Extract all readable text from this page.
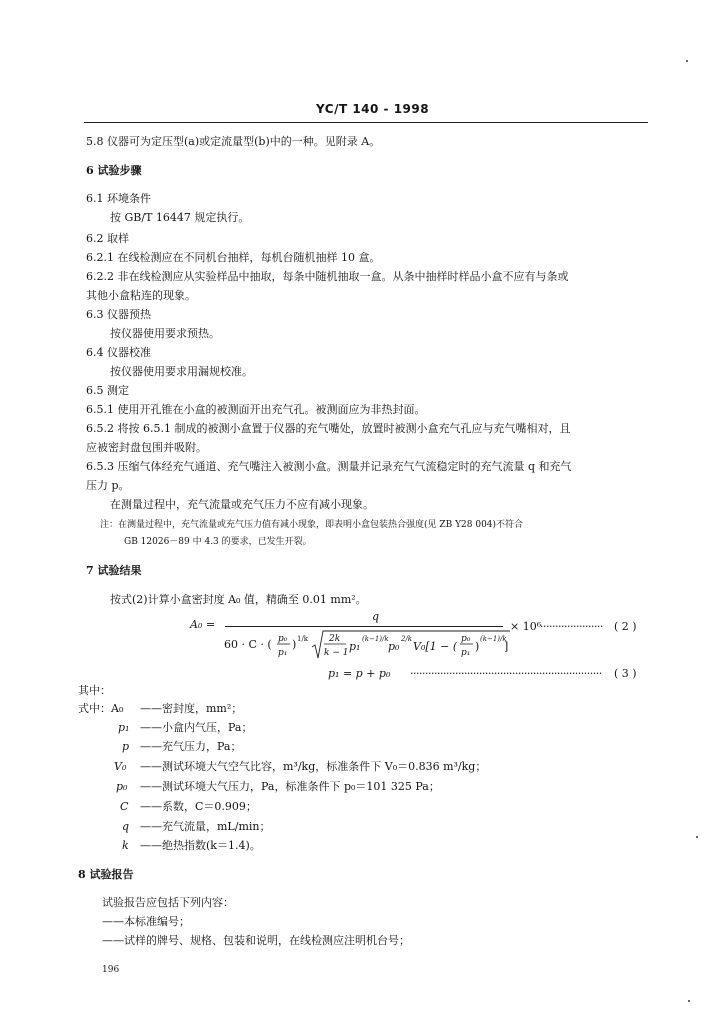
YC/T 140 - 1998
5.8 仪器可为定压型(a)或定流量型(b)中的一种。见附录 A。
6 试验步骤
6.1 环境条件
按 GB/T 16447 规定执行。
6.2 取样
6.2.1 在线检测应在不同机台抽样，每机台随机抽样 10 盒。
6.2.2 非在线检测应从实验样品中抽取，每条中随机抽取一盒。从条中抽样时样品小盒不应有与条或
其他小盒粘连的现象。
6.3 仪器预热
按仪器使用要求预热。
6.4 仪器校准
按仪器使用要求用漏规校准。
6.5 测定
6.5.1 使用开孔锥在小盒的被测面开出充气孔。被测面应为非热封面。
6.5.2 将按 6.5.1 制成的被测小盒置于仪器的充气嘴处，放置时被测小盒充气孔应与充气嘴相对，且
应被密封盘包围并吸附。
6.5.3 压缩气体经充气通道、充气嘴注入被测小盒。测量并记录充气气流稳定时的充气流量 q 和充气
压力 p。
在测量过程中，充气流量或充气压力不应有减小现象。
注：在测量过程中，充气流量或充气压力值有减小现象，即表明小盒包装热合强度(见 ZB Y28 004)不符合
GB 12026－89 中 4.3 的要求，已发生开裂。
7 试验结果
按式(2)计算小盒密封度 A₀ 值，精确至 0.01 mm²。
A₀ =
q
× 10⁶
····················· ( 2 )
60 · C · ( p₀
p₁
) 1/k 2k
k − 1 p₁
(k−1)/k
p₀
2/k
V₀[1 − (
p₀
p₁ )
(k−1)/k
]
60 · C · (p₀/p₁)^(1/k) √[ 2k/(k−1) · p₁^((k−1)/k) · p₀^(2/k) · V₀ [1 − (p₀/p₁)^((k−1)/k)] ]
p₁ = p + p₀ ································································ ( 3 )
其中：
式中：A₀ ——密封度，mm²；
p₁ ——小盒内气压，Pa；
p ——充气压力，Pa；
V₀ ——测试环境大气空气比容，m³/kg，标准条件下 V₀＝0.836 m³/kg；
p₀ ——测试环境大气压力，Pa，标准条件下 p₀＝101 325 Pa；
C ——系数，C＝0.909；
q ——充气流量，mL/min；
k ——绝热指数(k＝1.4)。
8 试验报告
试验报告应包括下列内容：
——本标准编号；
——试样的牌号、规格、包装和说明，在线检测应注明机台号；
196
